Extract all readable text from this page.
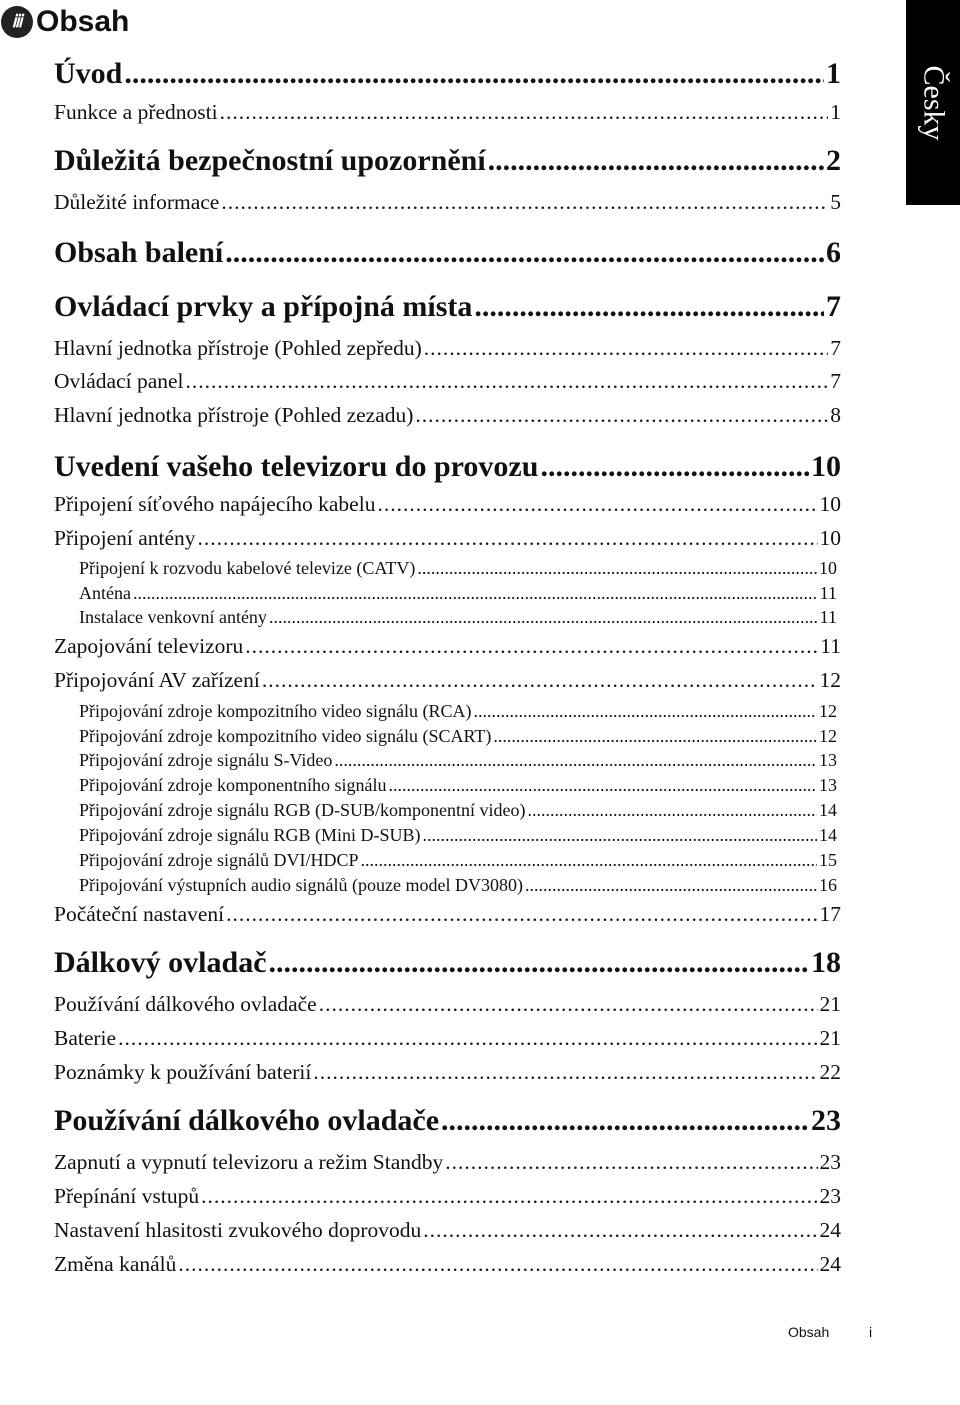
ⅲ Obsah
Česky
Úvod .....	1
Funkce a přednosti .....	1
Důležitá bezpečnostní upozornění .....	2
Důležité informace .....	5
Obsah balení .....	6
Ovládací prvky a přípojná místa .....	7
Hlavní jednotka přístroje (Pohled zepředu) .....	7
Ovládací panel .....	7
Hlavní jednotka přístroje (Pohled zezadu) .....	8
Uvedení vašeho televizoru do provozu .....	10
Připojení síťového napájecího kabelu .....	10
Připojení antény .....	10
Připojení k rozvodu kabelové televize (CATV) .....	10
Anténa .....	11
Instalace venkovní antény .....	11
Zapojování televizoru .....	11
Připojování AV zařízení .....	12
Připojování zdroje kompozitního video signálu (RCA) .....	12
Připojování zdroje kompozitního video signálu (SCART) .....	12
Připojování zdroje signálu S-Video .....	13
Připojování zdroje komponentního signálu .....	13
Připojování zdroje signálu RGB (D-SUB/komponentní video) .....	14
Připojování zdroje signálu RGB (Mini D-SUB) .....	14
Připojování zdroje signálů DVI/HDCP .....	15
Připojování výstupních audio signálů (pouze model DV3080) .....	16
Počáteční nastavení .....	17
Dálkový ovladač .....	18
Používání dálkového ovladače .....	21
Baterie .....	21
Poznámky k používání baterií .....	22
Používání dálkového ovladače .....	23
Zapnutí a vypnutí televizoru a režim Standby .....	23
Přepínání vstupů .....	23
Nastavení hlasitosti zvukového doprovodu .....	24
Změna kanálů .....	24
Obsah	i
